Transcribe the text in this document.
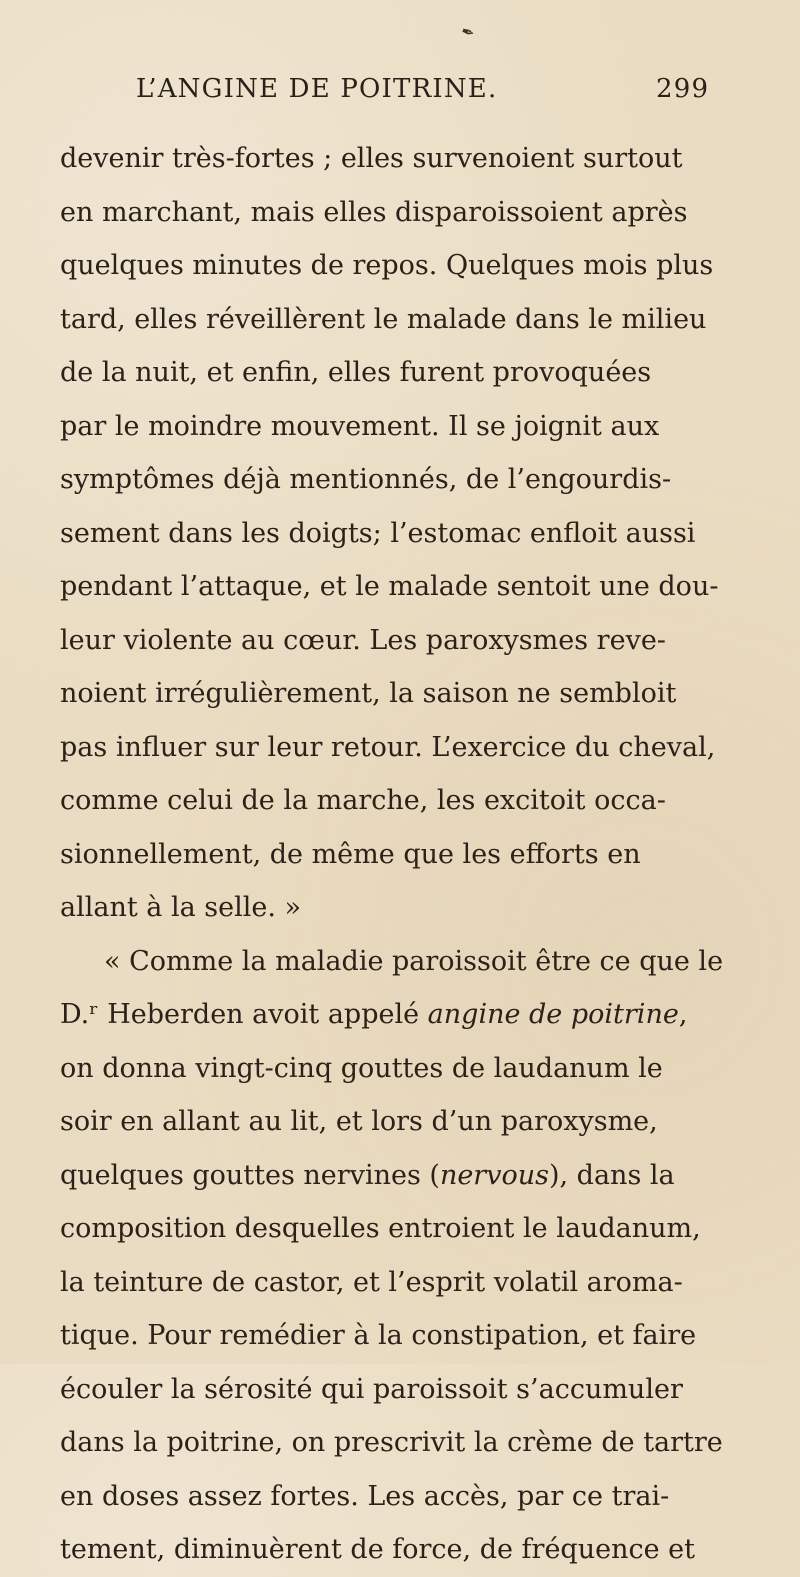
✒
L’ANGINE DE POITRINE.	299
devenir très-fortes ; elles survenoient surtout
en marchant, mais elles disparoissoient après
quelques minutes de repos. Quelques mois plus
tard, elles réveillèrent le malade dans le milieu
de la nuit, et enfin, elles furent provoquées
par le moindre mouvement. Il se joignit aux
symptômes déjà mentionnés, de l’engourdis-
sement dans les doigts; l’estomac enfloit aussi
pendant l’attaque, et le malade sentoit une dou-
leur violente au cœur. Les paroxysmes reve-
noient irrégulièrement, la saison ne sembloit
pas influer sur leur retour. L’exercice du cheval,
comme celui de la marche, les excitoit occa-
sionnellement, de même que les efforts en
allant à la selle. »
« Comme la maladie paroissoit être ce que le
D.ʳ Heberden avoit appelé angine de poitrine,
on donna vingt-cinq gouttes de laudanum le
soir en allant au lit, et lors d’un paroxysme,
quelques gouttes nervines (nervous), dans la
composition desquelles entroient le laudanum,
la teinture de castor, et l’esprit volatil aroma-
tique. Pour remédier à la constipation, et faire
écouler la sérosité qui paroissoit s’accumuler
dans la poitrine, on prescrivit la crème de tartre
en doses assez fortes. Les accès, par ce trai-
tement, diminuèrent de force, de fréquence et
